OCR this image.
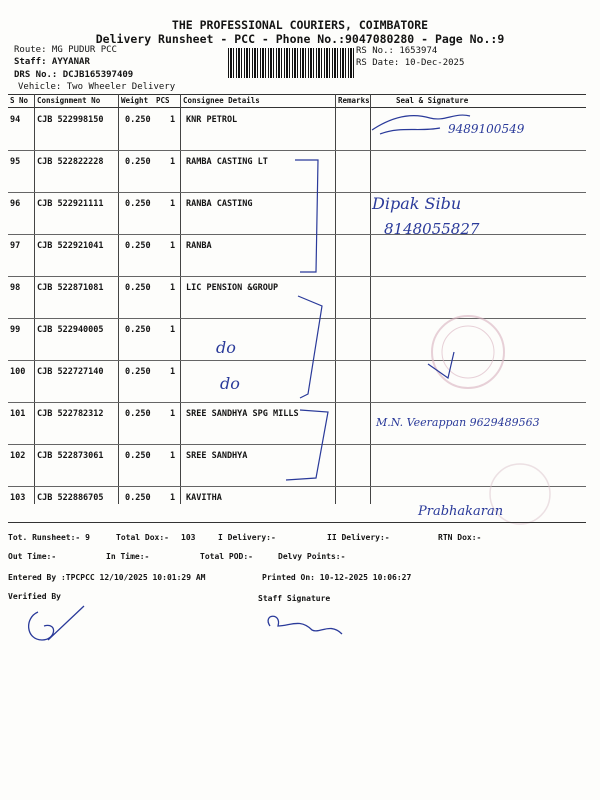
THE PROFESSIONAL COURIERS, COIMBATORE
Delivery Runsheet - PCC - Phone No.:9047080280 - Page No.:9
Route: MG PUDUR PCC
Staff: AYYANAR
DRS No.: DCJB165397409
Vehicle: Two Wheeler Delivery
RS No.: 1653974
RS Date: 10-Dec-2025
S No Consignment No	Weight PCS Consignee Details	Remarks	Seal & Signature
94 CJB 522998150	0.250 1 KNR PETROL
95 CJB 522822228	0.250 1 RAMBA CASTING LT
96 CJB 522921111	0.250 1 RANBA CASTING
97 CJB 522921041	0.250 1 RANBA
98 CJB 522871081	0.250 1 LIC PENSION &GROUP
99 CJB 522940005	0.250 1
100 CJB 522727140	0.250 1
101 CJB 522782312	0.250 1 SREE SANDHYA SPG MILLS
102 CJB 522873061	0.250 1 SREE SANDHYA
103 CJB 522886705	0.250 1 KAVITHA
9489100549
Dipak Sibu
8148055827
do
do
M.N. Veerappan 9629489563
Prabhakaran
Tot. Runsheet:- 9	Total Dox:- 103	I Delivery:-	II Delivery:-	RTN Dox:-
Out Time:-	In Time:-	Total POD:-	Delvy Points:-
Entered By :TPCPCC 12/10/2025 10:01:29 AM	Printed On: 10-12-2025 10:06:27
Verified By	Staff Signature
